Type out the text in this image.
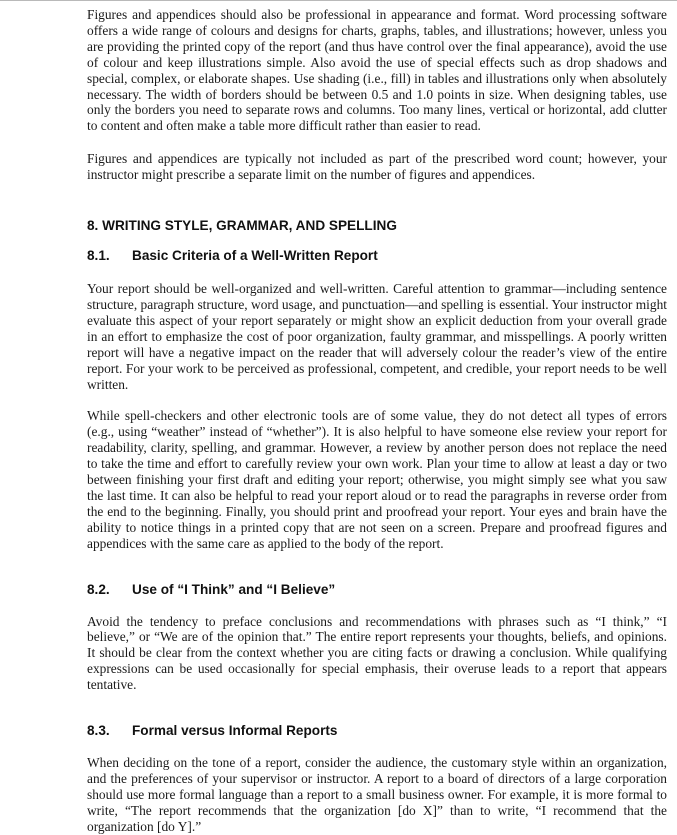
Figures and appendices should also be professional in appearance and format. Word processing software offers a wide range of colours and designs for charts, graphs, tables, and illustrations; however, unless you are providing the printed copy of the report (and thus have control over the final appearance), avoid the use of colour and keep illustrations simple. Also avoid the use of special effects such as drop shadows and special, complex, or elaborate shapes. Use shading (i.e., fill) in tables and illustrations only when absolutely necessary. The width of borders should be between 0.5 and 1.0 points in size. When designing tables, use only the borders you need to separate rows and columns. Too many lines, vertical or horizontal, add clutter to content and often make a table more difficult rather than easier to read.

Figures and appendices are typically not included as part of the prescribed word count; however, your instructor might prescribe a separate limit on the number of figures and appendices.

8. WRITING STYLE, GRAMMAR, AND SPELLING
8.1.	Basic Criteria of a Well-Written Report

Your report should be well-organized and well-written. Careful attention to grammar—including sentence structure, paragraph structure, word usage, and punctuation—and spelling is essential. Your instructor might evaluate this aspect of your report separately or might show an explicit deduction from your overall grade in an effort to emphasize the cost of poor organization, faulty grammar, and misspellings. A poorly written report will have a negative impact on the reader that will adversely colour the reader’s view of the entire report. For your work to be perceived as professional, competent, and credible, your report needs to be well written.

While spell-checkers and other electronic tools are of some value, they do not detect all types of errors (e.g., using “weather” instead of “whether”). It is also helpful to have someone else review your report for readability, clarity, spelling, and grammar. However, a review by another person does not replace the need to take the time and effort to carefully review your own work. Plan your time to allow at least a day or two between finishing your first draft and editing your report; otherwise, you might simply see what you saw the last time. It can also be helpful to read your report aloud or to read the paragraphs in reverse order from the end to the beginning. Finally, you should print and proofread your report. Your eyes and brain have the ability to notice things in a printed copy that are not seen on a screen. Prepare and proofread figures and appendices with the same care as applied to the body of the report.

8.2.	Use of “I Think” and “I Believe”

Avoid the tendency to preface conclusions and recommendations with phrases such as “I think,” “I believe,” or “We are of the opinion that.” The entire report represents your thoughts, beliefs, and opinions. It should be clear from the context whether you are citing facts or drawing a conclusion. While qualifying expressions can be used occasionally for special emphasis, their overuse leads to a report that appears tentative.

8.3.	Formal versus Informal Reports

When deciding on the tone of a report, consider the audience, the customary style within an organization, and the preferences of your supervisor or instructor. A report to a board of directors of a large corporation should use more formal language than a report to a small business owner. For example, it is more formal to write, “The report recommends that the organization [do X]” than to write, “I recommend that the organization [do Y].”
